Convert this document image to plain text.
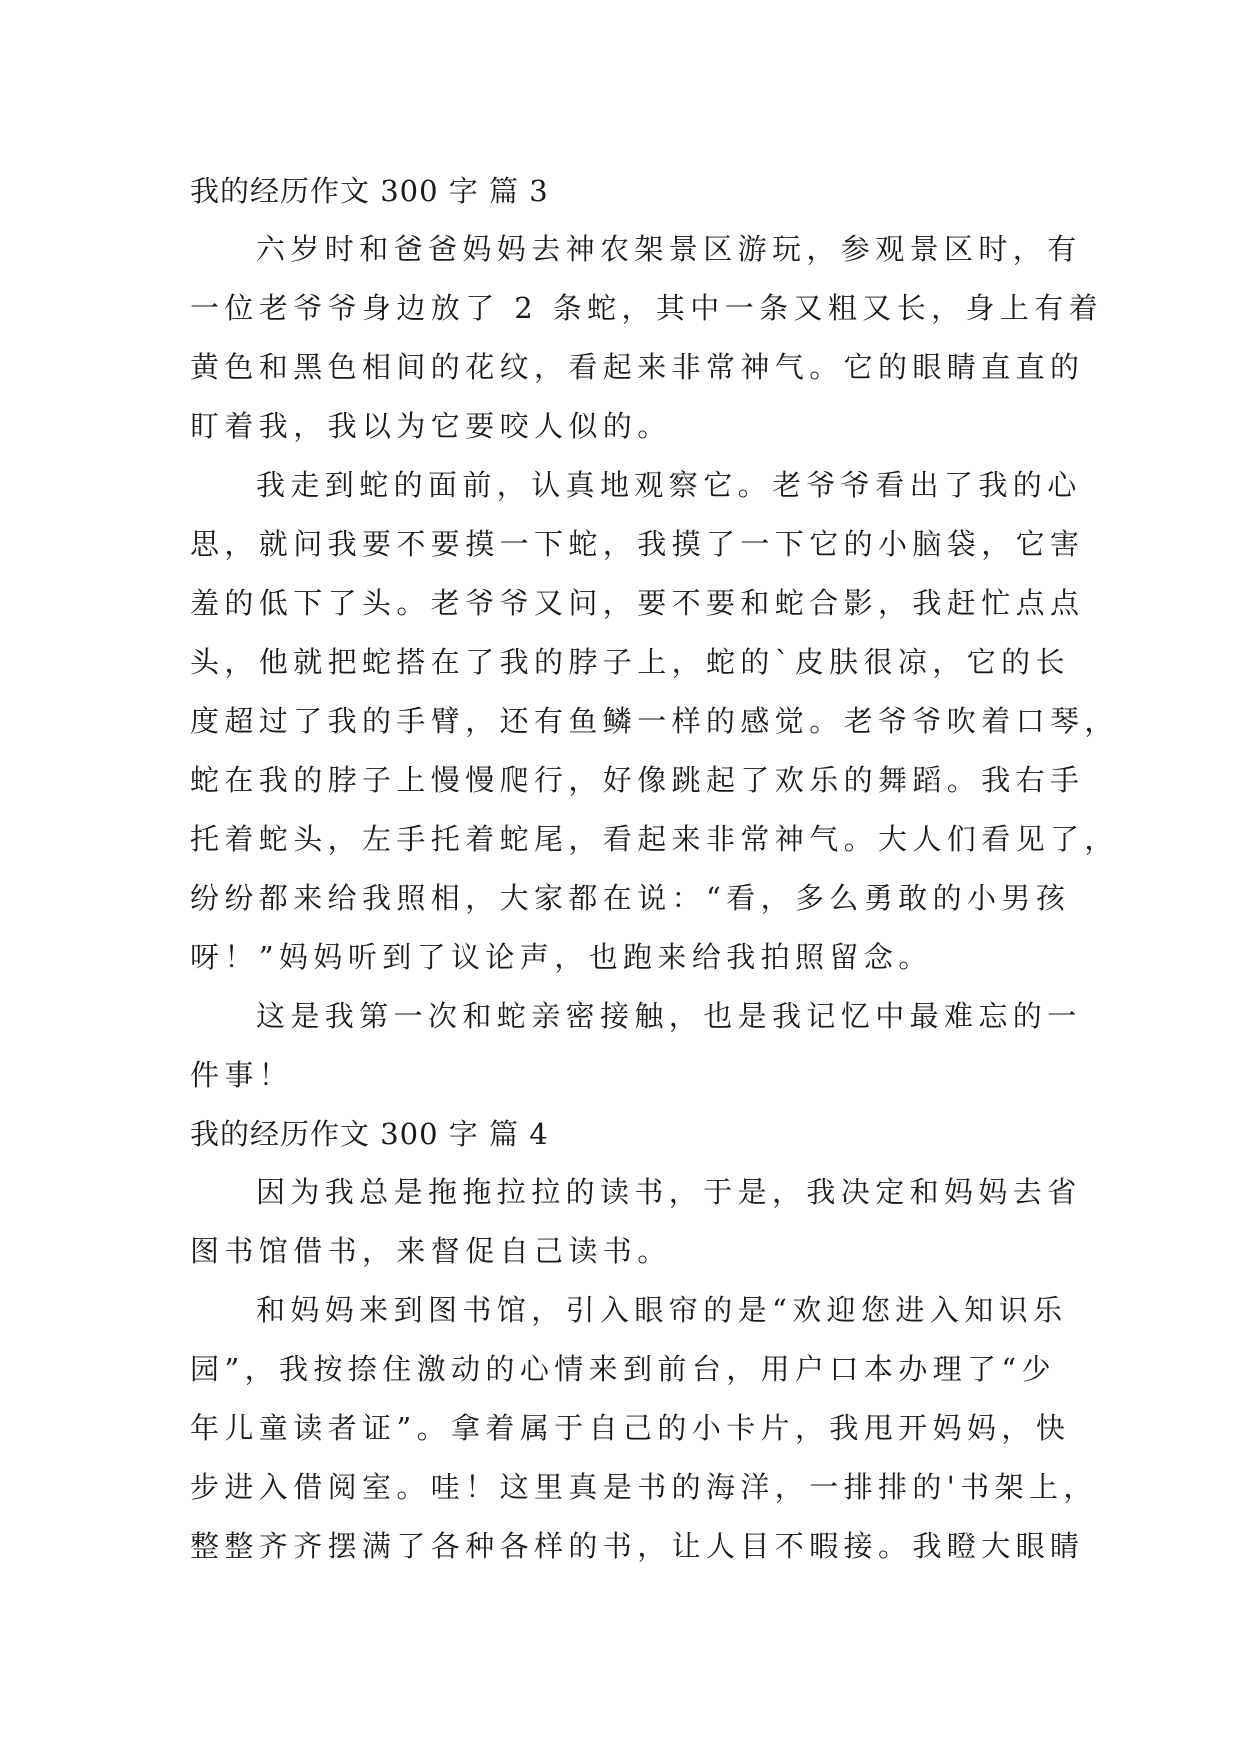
我的经历作文 300 字 篇 3
六岁时和爸爸妈妈去神农架景区游玩，参观景区时，有
一位老爷爷身边放了 2 条蛇，其中一条又粗又长，身上有着
黄色和黑色相间的花纹，看起来非常神气。它的眼睛直直的
盯着我，我以为它要咬人似的。
我走到蛇的面前，认真地观察它。老爷爷看出了我的心
思，就问我要不要摸一下蛇，我摸了一下它的小脑袋，它害
羞的低下了头。老爷爷又问，要不要和蛇合影，我赶忙点点
头，他就把蛇搭在了我的脖子上，蛇的`皮肤很凉，它的长
度超过了我的手臂，还有鱼鳞一样的感觉。老爷爷吹着口琴，
蛇在我的脖子上慢慢爬行，好像跳起了欢乐的舞蹈。我右手
托着蛇头，左手托着蛇尾，看起来非常神气。大人们看见了，
纷纷都来给我照相，大家都在说：“看，多么勇敢的小男孩
呀！”妈妈听到了议论声，也跑来给我拍照留念。
这是我第一次和蛇亲密接触，也是我记忆中最难忘的一
件事！
我的经历作文 300 字 篇 4
因为我总是拖拖拉拉的读书，于是，我决定和妈妈去省
图书馆借书，来督促自己读书。
和妈妈来到图书馆，引入眼帘的是“欢迎您进入知识乐
园”，我按捺住激动的心情来到前台，用户口本办理了“少
年儿童读者证”。拿着属于自己的小卡片，我甩开妈妈，快
步进入借阅室。哇！这里真是书的海洋，一排排的'书架上，
整整齐齐摆满了各种各样的书，让人目不暇接。我瞪大眼睛
